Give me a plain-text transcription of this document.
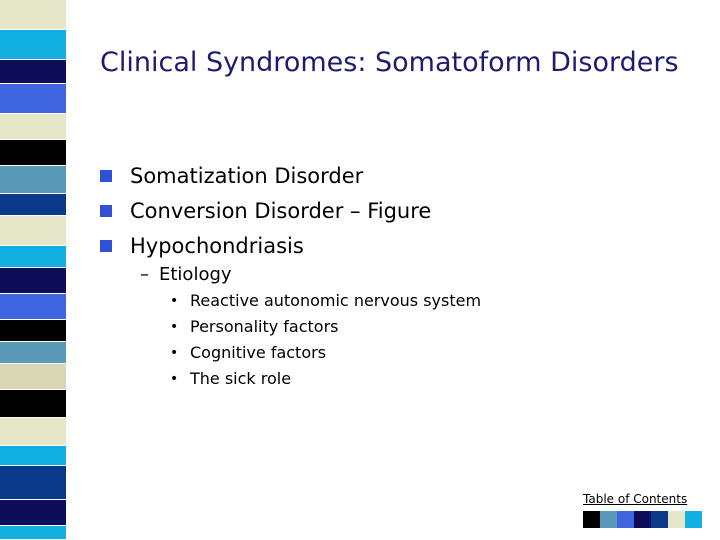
Clinical Syndromes: Somatoform Disorders
Somatization Disorder
Conversion Disorder – Figure
Hypochondriasis
– Etiology
• Reactive autonomic nervous system
• Personality factors
• Cognitive factors
• The sick role
Table of Contents
